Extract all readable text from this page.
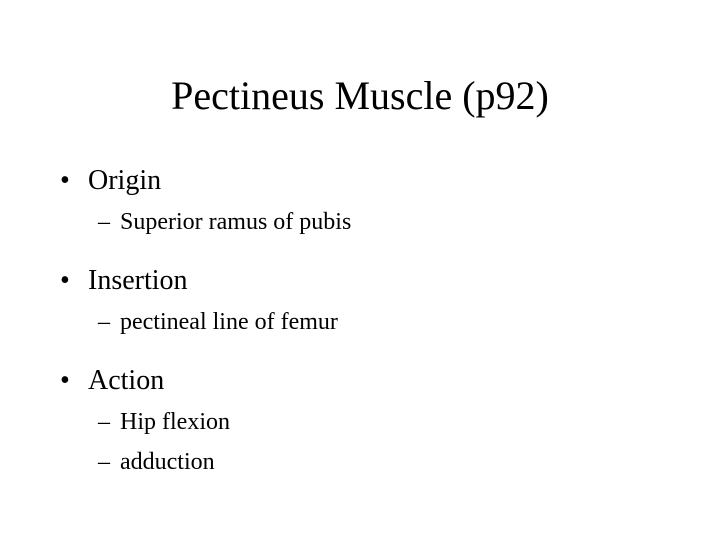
Pectineus Muscle (p92)
• Origin
– Superior ramus of pubis
• Insertion
– pectineal line of femur
• Action
– Hip flexion
– adduction
